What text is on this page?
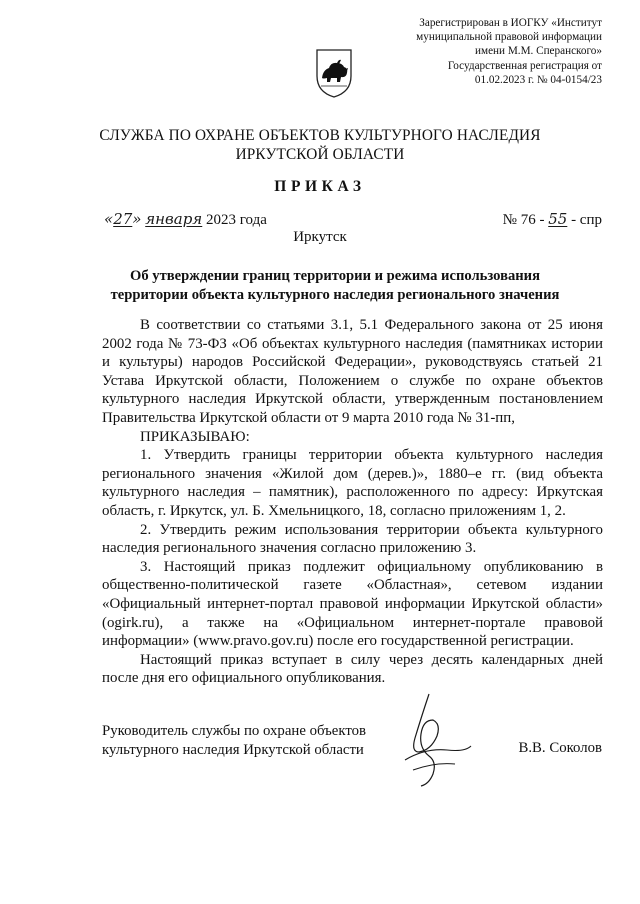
Зарегистрирован в ИОГКУ «Институт
муниципальной правовой информации
имени М.М. Сперанского»
Государственная регистрация от
01.02.2023 г. № 04-0154/23
СЛУЖБА ПО ОХРАНЕ ОБЪЕКТОВ КУЛЬТУРНОГО НАСЛЕДИЯ
ИРКУТСКОЙ ОБЛАСТИ
ПРИКАЗ
«27» января 2023 года	№ 76 - 55 - спр
Иркутск
Об утверждении границ территории и режима использования
территории объекта культурного наследия регионального значения

В соответствии со статьями 3.1, 5.1 Федерального закона от 25 июня 2002 года № 73-ФЗ «Об объектах культурного наследия (памятниках истории и культуры) народов Российской Федерации», руководствуясь статьей 21 Устава Иркутской области, Положением о службе по охране объектов культурного наследия Иркутской области, утвержденным постановлением Правительства Иркутской области от 9 марта 2010 года № 31-пп,

ПРИКАЗЫВАЮ:

1. Утвердить границы территории объекта культурного наследия регионального значения «Жилой дом (дерев.)», 1880–е гг. (вид объекта культурного наследия – памятник), расположенного по адресу: Иркутская область, г. Иркутск, ул. Б. Хмельницкого, 18, согласно приложениям 1, 2.

2. Утвердить режим использования территории объекта культурного наследия регионального значения согласно приложению 3.

3. Настоящий приказ подлежит официальному опубликованию в общественно-политической газете «Областная», сетевом издании «Официальный интернет-портал правовой информации Иркутской области» (ogirk.ru), а также на «Официальном интернет-портале правовой информации» (www.pravo.gov.ru) после его государственной регистрации.

Настоящий приказ вступает в силу через десять календарных дней после дня его официального опубликования.

Руководитель службы по охране объектов
культурного наследия Иркутской области	В.В. Соколов
